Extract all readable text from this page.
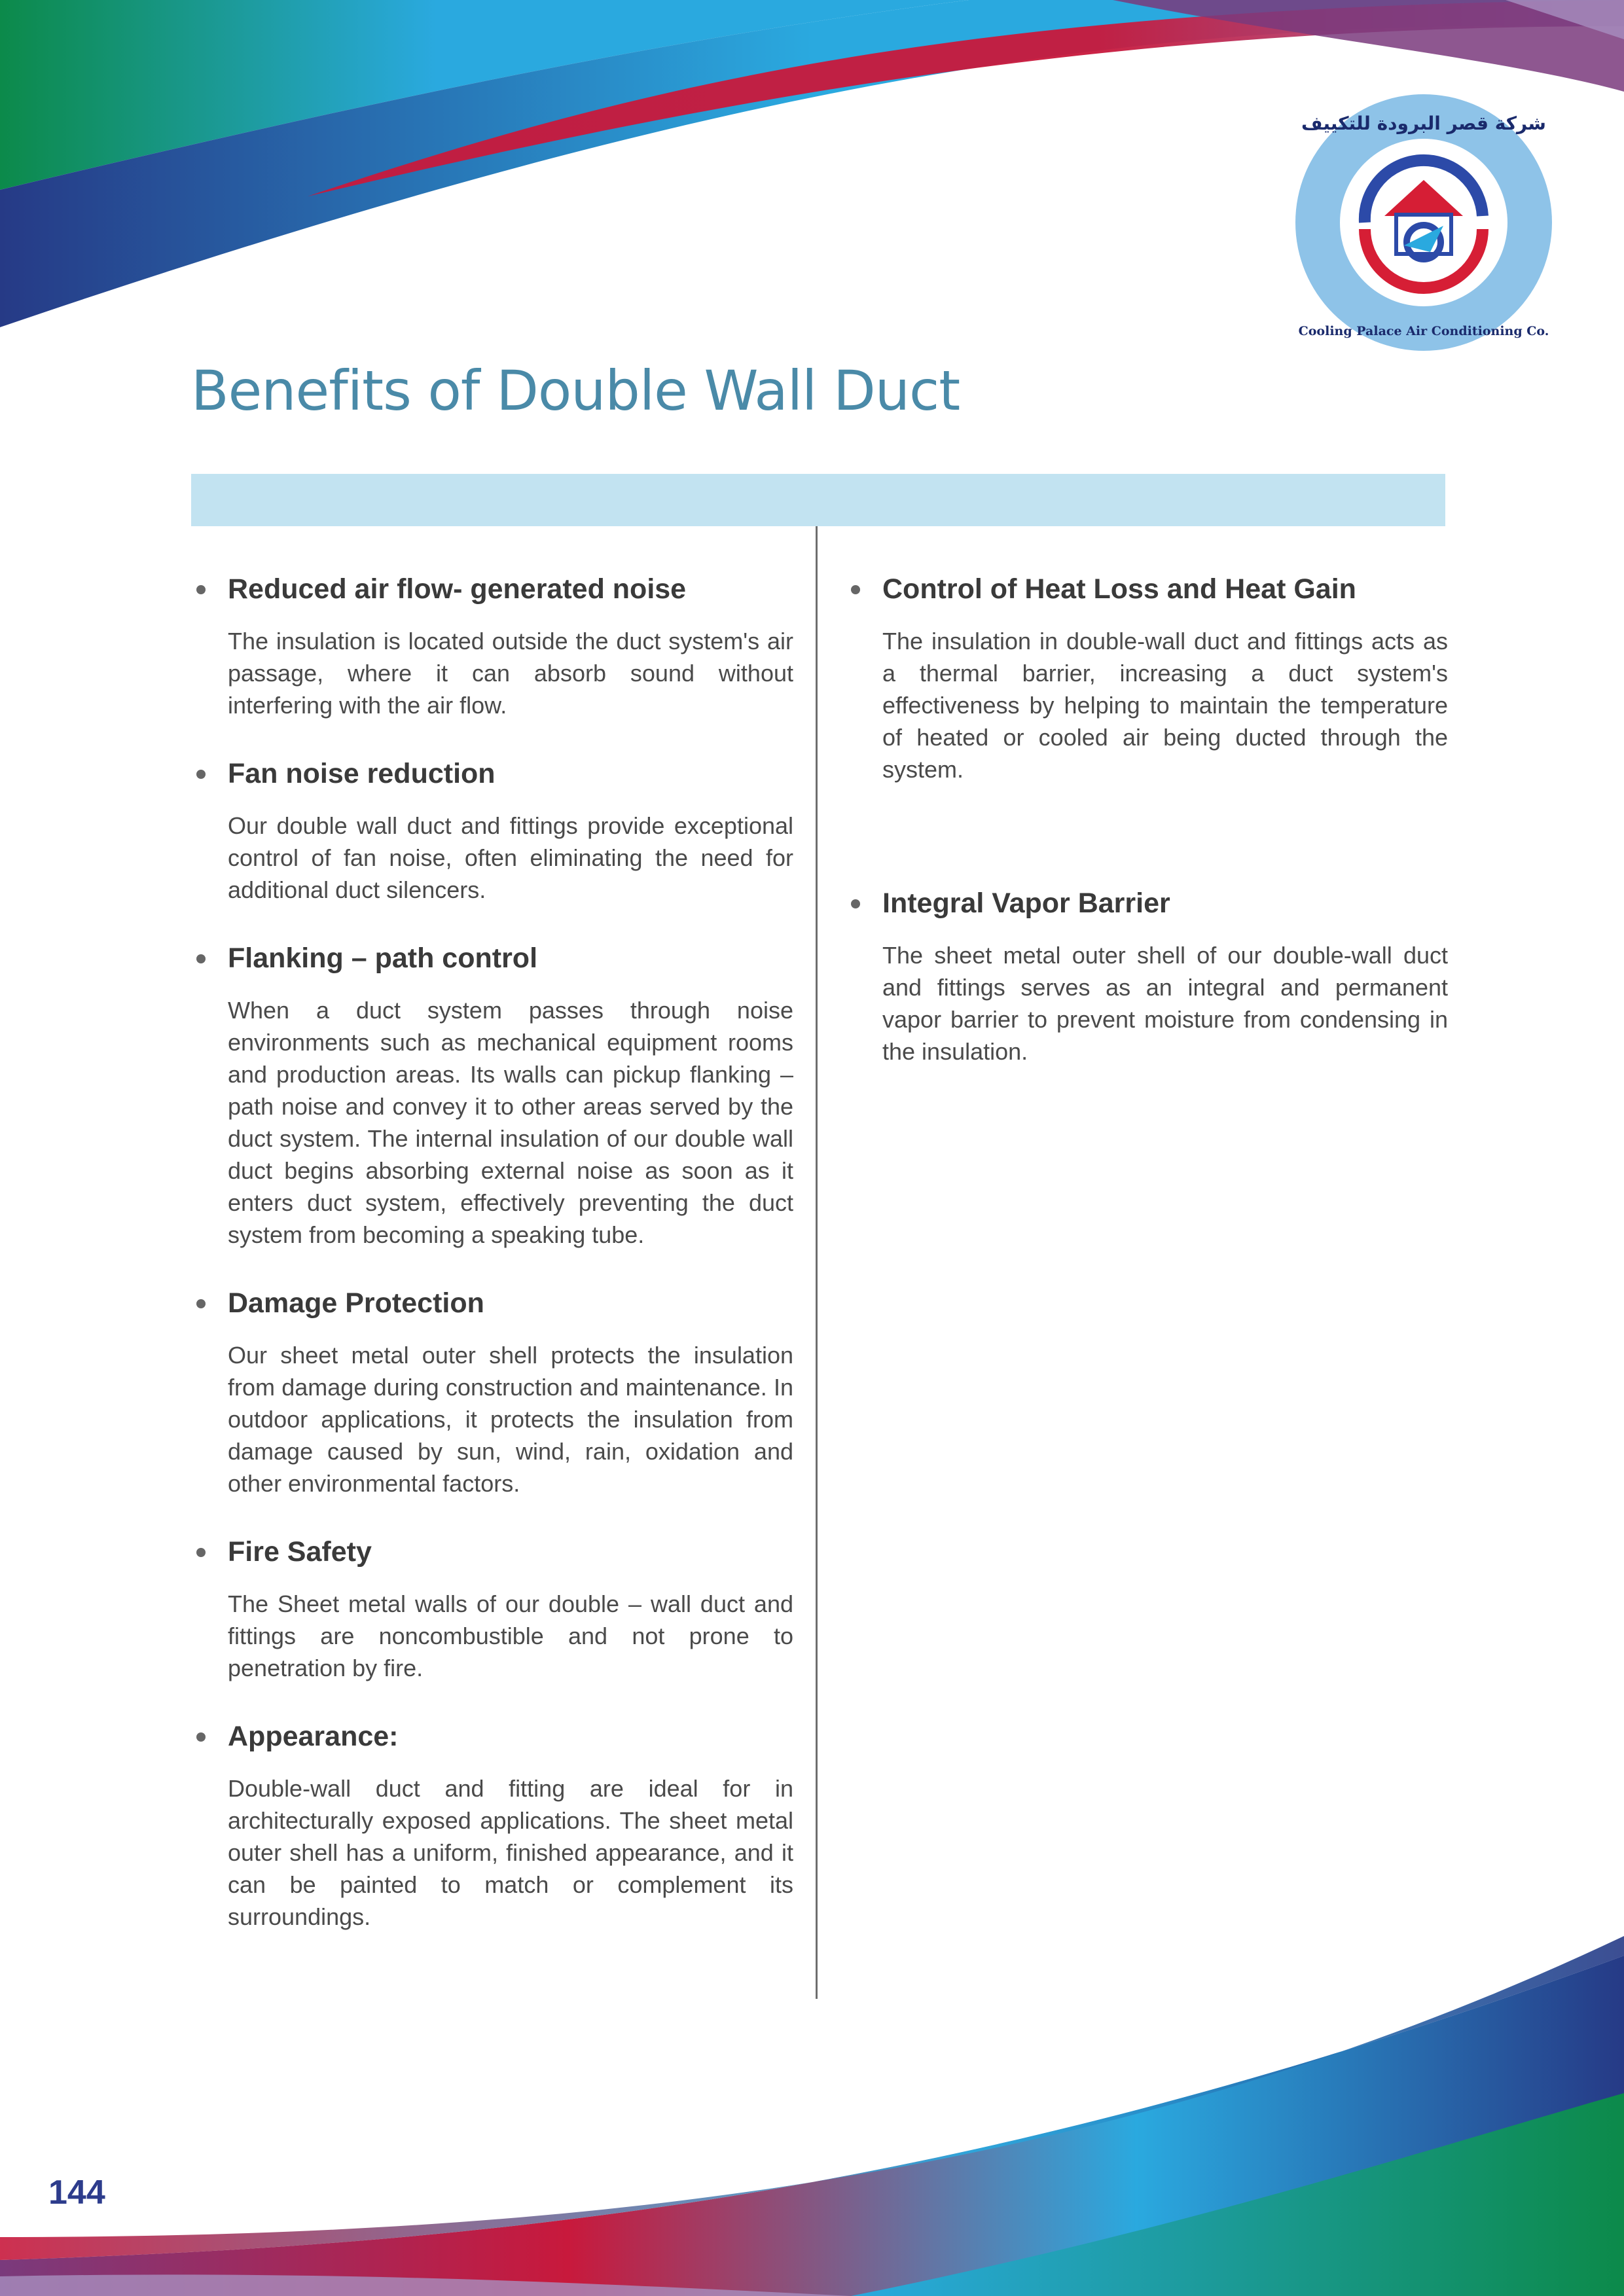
شركة قصر البرودة للتكييف
Cooling Palace Air Conditioning Co.
Benefits of Double Wall Duct
Reduced air flow- generated noise

The insulation is located outside the duct system's air passage, where it can absorb sound without interfering with the air flow.

Fan noise reduction

Our double wall duct and fittings provide exceptional control of fan noise, often eliminating the need for additional duct silencers.

Flanking – path control

When a duct system passes through noise environments such as mechanical equipment rooms and production areas. Its walls can pickup flanking – path noise and convey it to other areas served by the duct system. The internal insulation of our double wall duct begins absorbing external noise as soon as it enters duct system, effectively preventing the duct system from becoming a speaking tube.

Damage Protection

Our sheet metal outer shell protects the insulation from damage during construction and maintenance. In outdoor applications, it protects the insulation from damage caused by sun, wind, rain, oxidation and other environmental factors.

Fire Safety

The Sheet metal walls of our double – wall duct and fittings are noncombustible and not prone to penetration by fire.

Appearance:

Double-wall duct and fitting are ideal for in architecturally exposed applications. The sheet metal outer shell has a uniform, finished appearance, and it can be painted to match or complement its surroundings.

Control of Heat Loss and Heat Gain

The insulation in double-wall duct and fittings acts as a thermal barrier, increasing a duct system's effectiveness by helping to maintain the temperature of heated or cooled air being ducted through the system.

Integral Vapor Barrier

The sheet metal outer shell of our double-wall duct and fittings serves as an integral and permanent vapor barrier to prevent moisture from condensing in the insulation.

144
